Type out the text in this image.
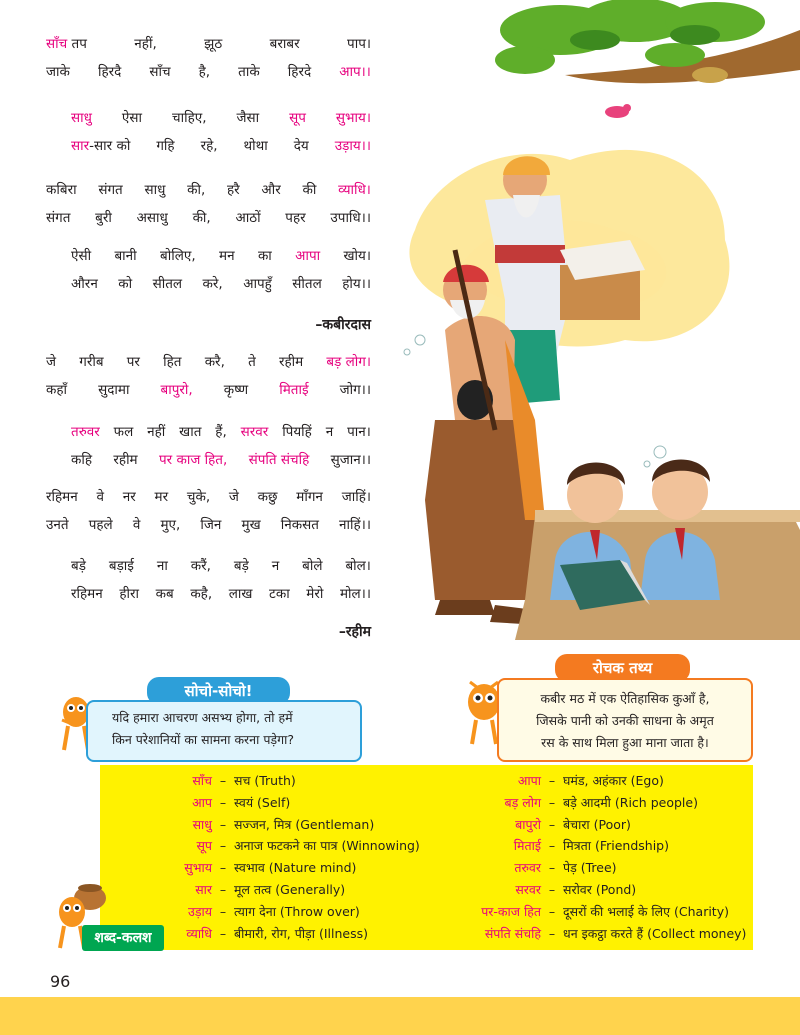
साँच तप	नहीं,	झूठ	बराबर	पाप।
जाके हिरदै साँच है, ताके हिरदे आप।।
साधु ऐसा चाहिए, जैसा सूप सुभाय।
सार-सार को गहि रहे, थोथा देय उड़ाय।।
कबिरा संगत साधु की, हरै और की व्याधि।
संगत बुरी असाधु की, आठों पहर उपाधि।।
ऐसी बानी बोलिए, मन का आपा खोय।
औरन को सीतल करे, आपहुँ सीतल होय।।
–कबीरदास
जे गरीब पर हित करै, ते रहीम बड़ लोग।
कहाँ सुदामा बापुरो, कृष्ण मिताई जोग।।
तरुवर फल नहीं खात हैं, सरवर पियहिं न पान।
कहि रहीम पर काज हित, संपति संचहि सुजान।।
रहिमन वे नर मर चुके, जे कछु माँगन जाहिं।
उनते पहले वे मुए, जिन मुख निकसत नाहिं।।
बड़े बड़ाई ना करैं, बड़े न बोले बोल।
रहिमन हीरा कब कहै, लाख टका मेरो मोल।।
–रहीम
सोचो-सोचो!
यदि हमारा आचरण असभ्य होगा, तो हमें
किन परेशानियों का सामना करना पड़ेगा?
रोचक तथ्य
कबीर मठ में एक ऐतिहासिक कुआँ है,
जिसके पानी को उनकी साधना के अमृत
रस के साथ मिला हुआ माना जाता है।
साँच – सच (Truth)
आप – स्वयं (Self)
साधु – सज्जन, मित्र (Gentleman)
सूप – अनाज फटकने का पात्र (Winnowing)
सुभाय – स्वभाव (Nature mind)
सार – मूल तत्व (Generally)
उड़ाय – त्याग देना (Throw over)
व्याधि – बीमारी, रोग, पीड़ा (Illness)
आपा – घमंड, अहंकार (Ego)
बड़ लोग – बड़े आदमी (Rich people)
बापुरो – बेचारा (Poor)
मिताई – मित्रता (Friendship)
तरुवर – पेड़ (Tree)
सरवर – सरोवर (Pond)
पर-काज हित – दूसरों की भलाई के लिए (Charity)
संपति संचहि – धन इकट्ठा करते हैं (Collect money)
शब्द-कलश
96
